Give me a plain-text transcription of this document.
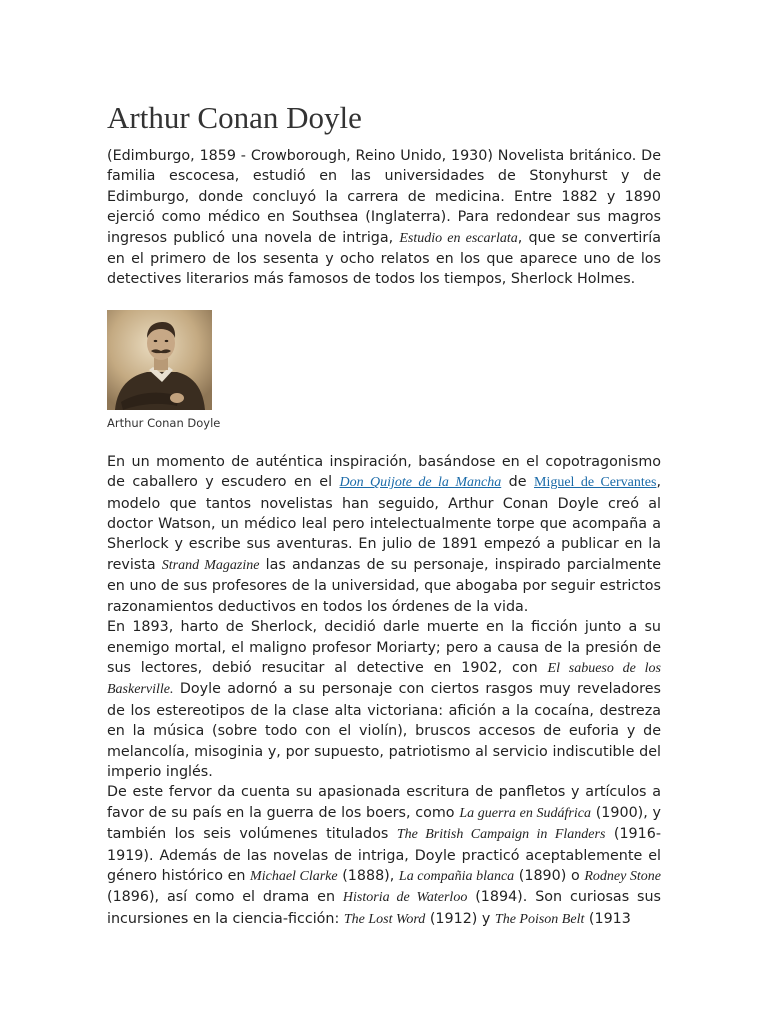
Arthur Conan Doyle

(Edimburgo, 1859 - Crowborough, Reino Unido, 1930) Novelista británico. De familia escocesa, estudió en las universidades de Stonyhurst y de Edimburgo, donde concluyó la carrera de medicina. Entre 1882 y 1890 ejerció como médico en Southsea (Inglaterra). Para redondear sus magros ingresos publicó una novela de intriga, Estudio en escarlata, que se convertiría en el primero de los sesenta y ocho relatos en los que aparece uno de los detectives literarios más famosos de todos los tiempos, Sherlock Holmes.

Arthur Conan Doyle

En un momento de auténtica inspiración, basándose en el copotragonismo de caballero y escudero en el Don Quijote de la Mancha de Miguel de Cervantes, modelo que tantos novelistas han seguido, Arthur Conan Doyle creó al doctor Watson, un médico leal pero intelectualmente torpe que acompaña a Sherlock y escribe sus aventuras. En julio de 1891 empezó a publicar en la revista Strand Magazine las andanzas de su personaje, inspirado parcialmente en uno de sus profesores de la universidad, que abogaba por seguir estrictos razonamientos deductivos en todos los órdenes de la vida.

En 1893, harto de Sherlock, decidió darle muerte en la ficción junto a su enemigo mortal, el maligno profesor Moriarty; pero a causa de la presión de sus lectores, debió resucitar al detective en 1902, con El sabueso de los Baskerville. Doyle adornó a su personaje con ciertos rasgos muy reveladores de los estereotipos de la clase alta victoriana: afición a la cocaína, destreza en la música (sobre todo con el violín), bruscos accesos de euforia y de melancolía, misoginia y, por supuesto, patriotismo al servicio indiscutible del imperio inglés.

De este fervor da cuenta su apasionada escritura de panfletos y artículos a favor de su país en la guerra de los boers, como La guerra en Sudáfrica (1900), y también los seis volúmenes titulados The British Campaign in Flanders (1916-1919). Además de las novelas de intriga, Doyle practicó aceptablemente el género histórico en Michael Clarke (1888), La compañia blanca (1890) o Rodney Stone (1896), así como el drama en Historia de Waterloo (1894). Son curiosas sus incursiones en la ciencia-ficción: The Lost Word (1912) y The Poison Belt (1913
